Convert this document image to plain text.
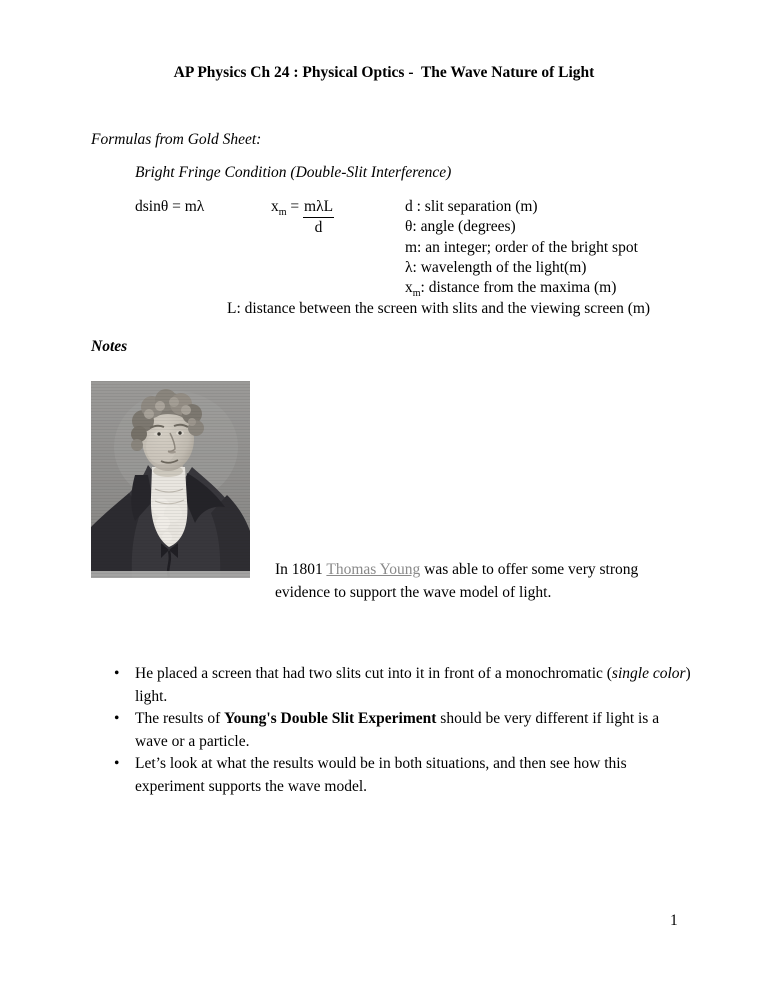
AP Physics Ch 24 : Physical Optics -  The Wave Nature of Light
Formulas from Gold Sheet:
Bright Fringe Condition (Double-Slit Interference)
dsinθ = mλ	$x_m = \frac{\text{mλL}}{d}$	d : slit separation (m)
θ: angle (degrees)
m: an integer; order of the bright spot
λ: wavelength of the light(m)
$x_m$: distance from the maxima (m)
L: distance between the screen with slits and the viewing screen (m)
Notes
In 1801 Thomas Young was able to offer some very strong
evidence to support the wave model of light.
• He placed a screen that had two slits cut into it in front of a monochromatic (single color)
light.
• The results of Young's Double Slit Experiment should be very different if light is a
wave or a particle.
• Let’s look at what the results would be in both situations, and then see how this
experiment supports the wave model.
1
